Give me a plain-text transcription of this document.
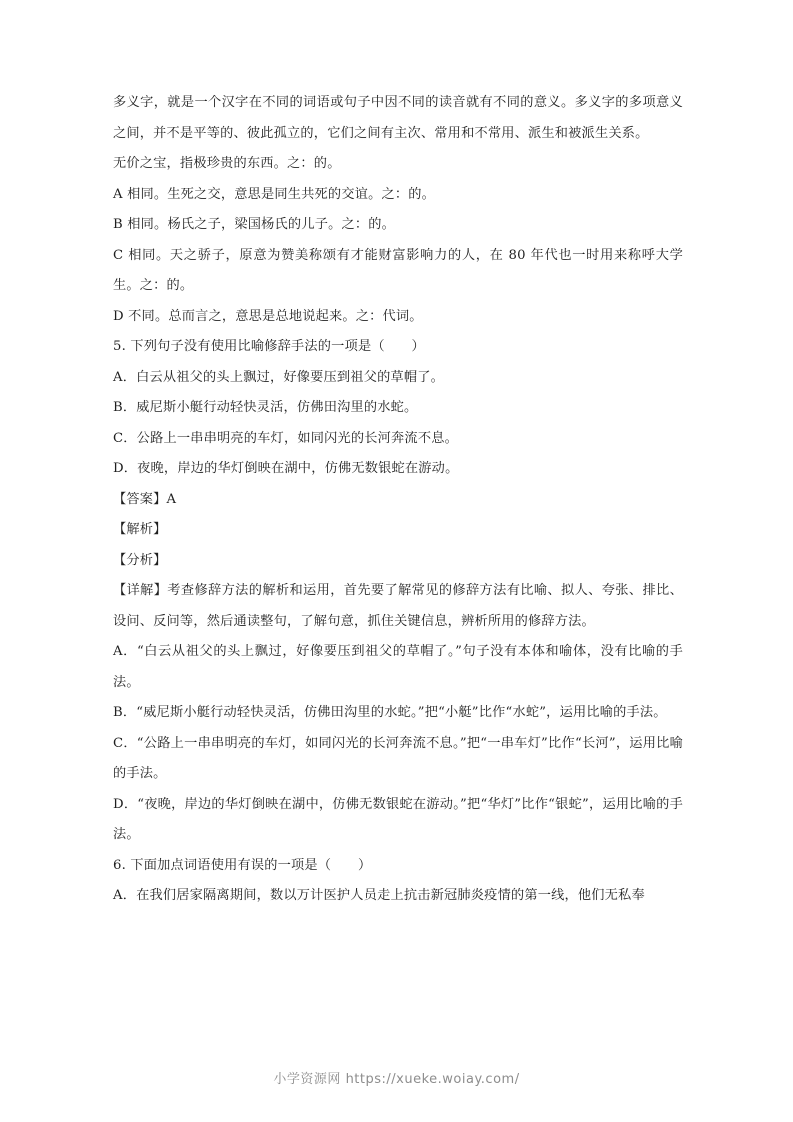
多义字，就是一个汉字在不同的词语或句子中因不同的读音就有不同的意义。多义字的多项意义之间，并不是平等的、彼此孤立的，它们之间有主次、常用和不常用、派生和被派生关系。

无价之宝，指极珍贵的东西。之：的。

A 相同。生死之交，意思是同生共死的交谊。之：的。

B 相同。杨氏之子，梁国杨氏的儿子。之：的。

C 相同。天之骄子，原意为赞美称颂有才能财富影响力的人，在 80 年代也一时用来称呼大学生。之：的。

D 不同。总而言之，意思是总地说起来。之：代词。

5. 下列句子没有使用比喻修辞手法的一项是（　　）

A．白云从祖父的头上飘过，好像要压到祖父的草帽了。

B．威尼斯小艇行动轻快灵活，仿佛田沟里的水蛇。

C．公路上一串串明亮的车灯，如同闪光的长河奔流不息。

D．夜晚，岸边的华灯倒映在湖中，仿佛无数银蛇在游动。

【答案】A

【解析】

【分析】

【详解】考查修辞方法的解析和运用，首先要了解常见的修辞方法有比喻、拟人、夸张、排比、设问、反问等，然后通读整句，了解句意，抓住关键信息，辨析所用的修辞方法。

A．“白云从祖父的头上飘过，好像要压到祖父的草帽了。”句子没有本体和喻体，没有比喻的手法。

B．“威尼斯小艇行动轻快灵活，仿佛田沟里的水蛇。”把“小艇”比作“水蛇”，运用比喻的手法。

C．“公路上一串串明亮的车灯，如同闪光的长河奔流不息。”把“一串车灯”比作“长河”，运用比喻的手法。

D．“夜晚，岸边的华灯倒映在湖中，仿佛无数银蛇在游动。”把“华灯”比作“银蛇”，运用比喻的手法。

6. 下面加点词语使用有误的一项是（　　）

A．在我们居家隔离期间，数以万计医护人员走上抗击新冠肺炎疫情的第一线，他们无私奉

小学资源网 https://xueke.woiay.com/
